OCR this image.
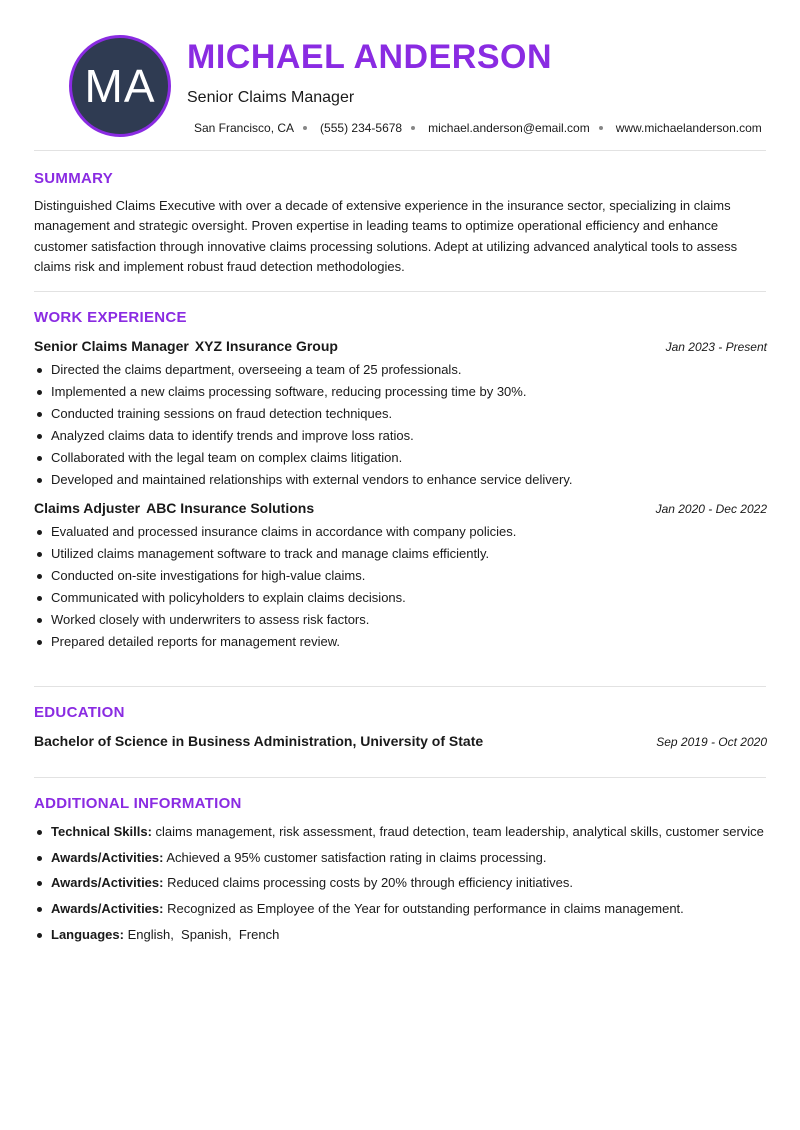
MA
MICHAEL ANDERSON
Senior Claims Manager
San Francisco, CA (555) 234-5678 michael.anderson@email.com www.michaelanderson.com
SUMMARY
Distinguished Claims Executive with over a decade of extensive experience in the insurance sector, specializing in claims management and strategic oversight. Proven expertise in leading teams to optimize operational efficiency and enhance customer satisfaction through innovative claims processing solutions. Adept at utilizing advanced analytical tools to assess claims risk and implement robust fraud detection methodologies.
WORK EXPERIENCE
Senior Claims Manager XYZ Insurance Group	Jan 2023 - Present
Directed the claims department, overseeing a team of 25 professionals.
Implemented a new claims processing software, reducing processing time by 30%.
Conducted training sessions on fraud detection techniques.
Analyzed claims data to identify trends and improve loss ratios.
Collaborated with the legal team on complex claims litigation.
Developed and maintained relationships with external vendors to enhance service delivery.
Claims Adjuster ABC Insurance Solutions	Jan 2020 - Dec 2022
Evaluated and processed insurance claims in accordance with company policies.
Utilized claims management software to track and manage claims efficiently.
Conducted on-site investigations for high-value claims.
Communicated with policyholders to explain claims decisions.
Worked closely with underwriters to assess risk factors.
Prepared detailed reports for management review.
EDUCATION
Bachelor of Science in Business Administration, University of State	Sep 2019 - Oct 2020
ADDITIONAL INFORMATION
Technical Skills: claims management, risk assessment, fraud detection, team leadership, analytical skills, customer service
Awards/Activities: Achieved a 95% customer satisfaction rating in claims processing.
Awards/Activities: Reduced claims processing costs by 20% through efficiency initiatives.
Awards/Activities: Recognized as Employee of the Year for outstanding performance in claims management.
Languages: English,  Spanish,  French
